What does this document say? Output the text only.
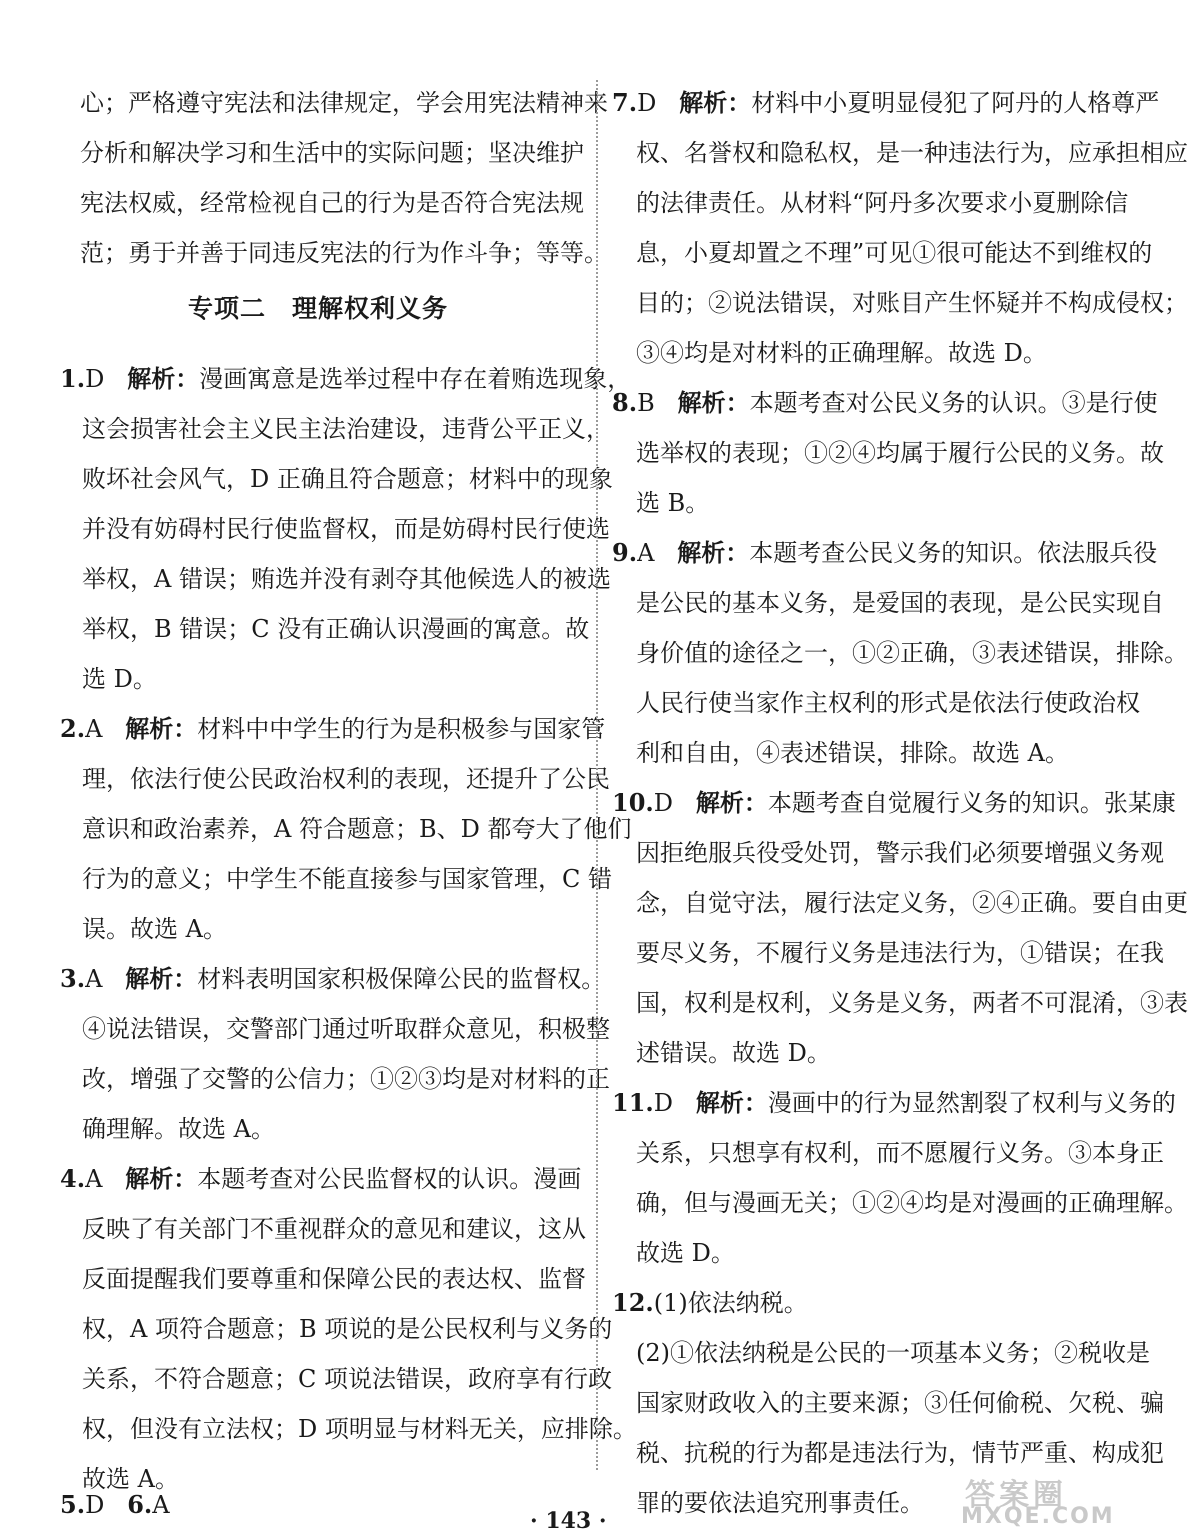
心；严格遵守宪法和法律规定，学会用宪法精神来
分析和解决学习和生活中的实际问题；坚决维护
宪法权威，经常检视自己的行为是否符合宪法规
范；勇于并善于同违反宪法的行为作斗争；等等。
专项二　理解权利义务
1.D 解析：漫画寓意是选举过程中存在着贿选现象，
这会损害社会主义民主法治建设，违背公平正义，
败坏社会风气，D 正确且符合题意；材料中的现象
并没有妨碍村民行使监督权，而是妨碍村民行使选
举权，A 错误；贿选并没有剥夺其他候选人的被选
举权，B 错误；C 没有正确认识漫画的寓意。故
选 D。
2.A 解析：材料中中学生的行为是积极参与国家管
理，依法行使公民政治权利的表现，还提升了公民
意识和政治素养，A 符合题意；B、D 都夸大了他们
行为的意义；中学生不能直接参与国家管理，C 错
误。故选 A。
3.A 解析：材料表明国家积极保障公民的监督权。
④说法错误，交警部门通过听取群众意见，积极整
改，增强了交警的公信力；①②③均是对材料的正
确理解。故选 A。
4.A 解析：本题考查对公民监督权的认识。漫画
反映了有关部门不重视群众的意见和建议，这从
反面提醒我们要尊重和保障公民的表达权、监督
权，A 项符合题意；B 项说的是公民权利与义务的
关系，不符合题意；C 项说法错误，政府享有行政
权，但没有立法权；D 项明显与材料无关，应排除。
故选 A。
5.D 6.A
7.D 解析：材料中小夏明显侵犯了阿丹的人格尊严
权、名誉权和隐私权，是一种违法行为，应承担相应
的法律责任。从材料“阿丹多次要求小夏删除信
息，小夏却置之不理”可见①很可能达不到维权的
目的；②说法错误，对账目产生怀疑并不构成侵权；
③④均是对材料的正确理解。故选 D。
8.B 解析：本题考查对公民义务的认识。③是行使
选举权的表现；①②④均属于履行公民的义务。故
选 B。
9.A 解析：本题考查公民义务的知识。依法服兵役
是公民的基本义务，是爱国的表现，是公民实现自
身价值的途径之一，①②正确，③表述错误，排除。
人民行使当家作主权利的形式是依法行使政治权
利和自由，④表述错误，排除。故选 A。
10.D 解析：本题考查自觉履行义务的知识。张某康
因拒绝服兵役受处罚，警示我们必须要增强义务观
念，自觉守法，履行法定义务，②④正确。要自由更
要尽义务，不履行义务是违法行为，①错误；在我
国，权利是权利，义务是义务，两者不可混淆，③表
述错误。故选 D。
11.D 解析：漫画中的行为显然割裂了权利与义务的
关系，只想享有权利，而不愿履行义务。③本身正
确，但与漫画无关；①②④均是对漫画的正确理解。
故选 D。
12.(1)依法纳税。
(2)①依法纳税是公民的一项基本义务；②税收是
国家财政收入的主要来源；③任何偷税、欠税、骗
税、抗税的行为都是违法行为，情节严重、构成犯
罪的要依法追究刑事责任。
· 143 ·
答案圈
MXQE.COM
